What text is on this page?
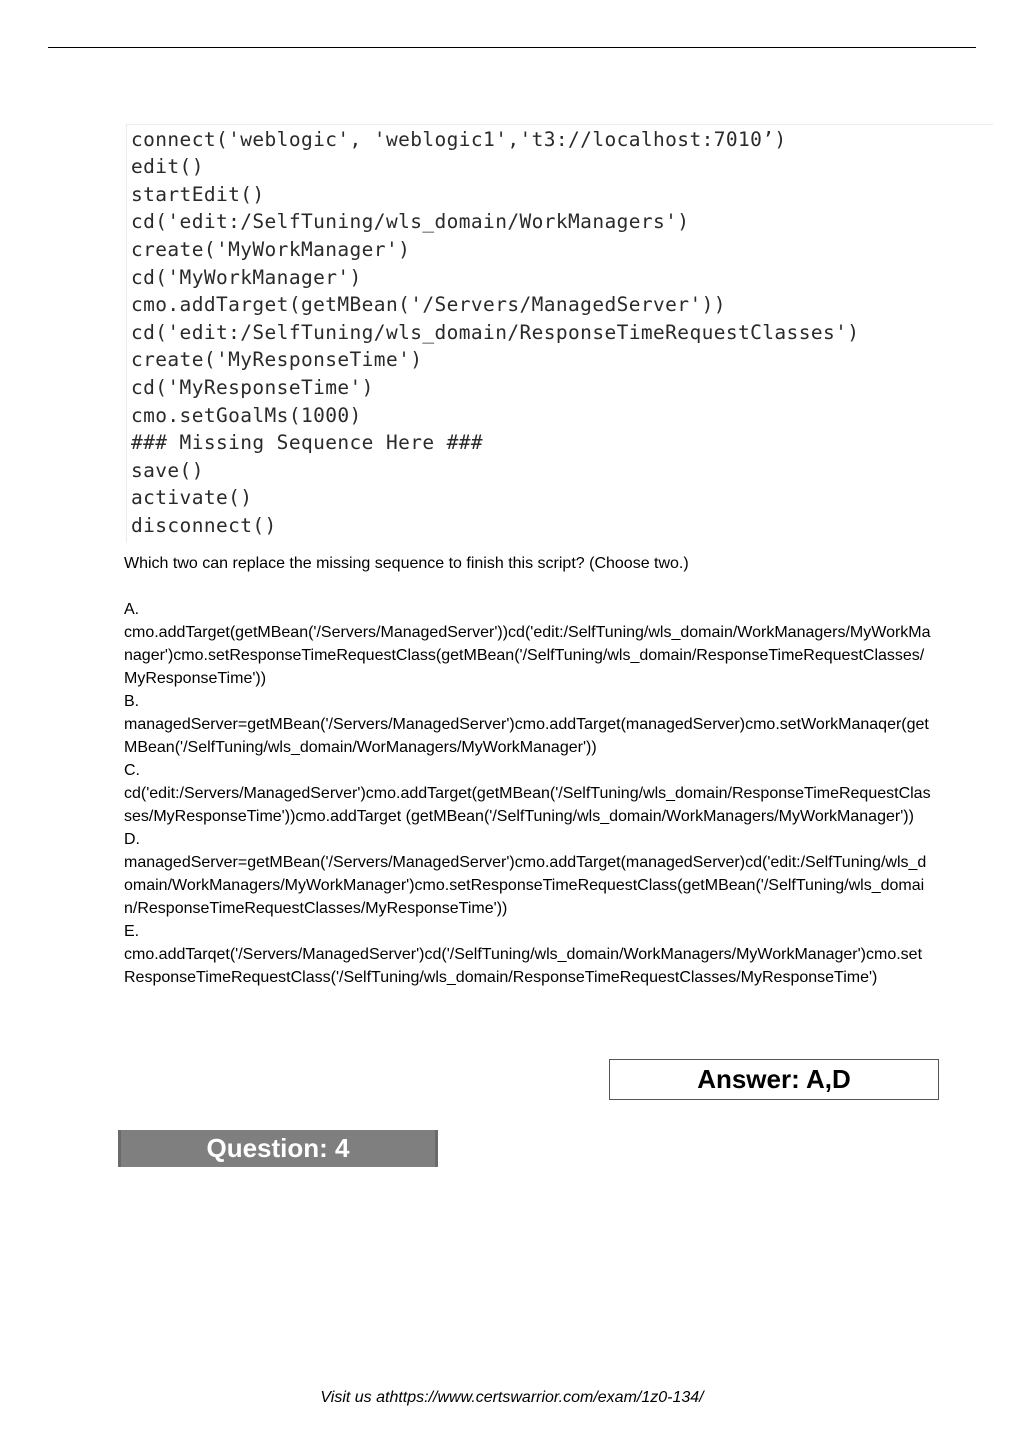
connect('weblogic', 'weblogic1','t3://localhost:7010’)
edit()
startEdit()
cd('edit:/SelfTuning/wls_domain/WorkManagers')
create('MyWorkManager')
cd('MyWorkManager')
cmo.addTarget(getMBean('/Servers/ManagedServer'))
cd('edit:/SelfTuning/wls_domain/ResponseTimeRequestClasses')
create('MyResponseTime')
cd('MyResponseTime')
cmo.setGoalMs(1000)
### Missing Sequence Here ###
save()
activate()
disconnect()
Which two can replace the missing sequence to finish this script? (Choose two.)
A.
cmo.addTarget(getMBean('/Servers/ManagedServer'))cd('edit:/SelfTuning/wls_domain/WorkManagers/MyWorkManager')cmo.setResponseTimeRequestClass(getMBean('/SelfTuning/wls_domain/ResponseTimeRequestClasses/MyResponseTime'))
B.
managedServer=getMBean('/Servers/ManagedServer')cmo.addTarget(managedServer)cmo.setWorkManaqer(getMBean('/SelfTuning/wls_domain/WorManagers/MyWorkManager'))
C.
cd('edit:/Servers/ManagedServer')cmo.addTarget(getMBean('/SelfTuning/wls_domain/ResponseTimeRequestClasses/MyResponseTime'))cmo.addTarget (getMBean('/SelfTuning/wls_domain/WorkManagers/MyWorkManager'))
D.
managedServer=getMBean('/Servers/ManagedServer')cmo.addTarget(managedServer)cd('edit:/SelfTuning/wls_domain/WorkManagers/MyWorkManager')cmo.setResponseTimeRequestClass(getMBean('/SelfTuning/wls_domain/ResponseTimeRequestClasses/MyResponseTime'))
E.
cmo.addTarqet('/Servers/ManagedServer')cd('/SelfTuning/wls_domain/WorkManagers/MyWorkManager')cmo.setResponseTimeRequestClass('/SelfTuning/wls_domain/ResponseTimeRequestClasses/MyResponseTime')
Answer: A,D
Question: 4
Visit us athttps://www.certswarrior.com/exam/1z0-134/
